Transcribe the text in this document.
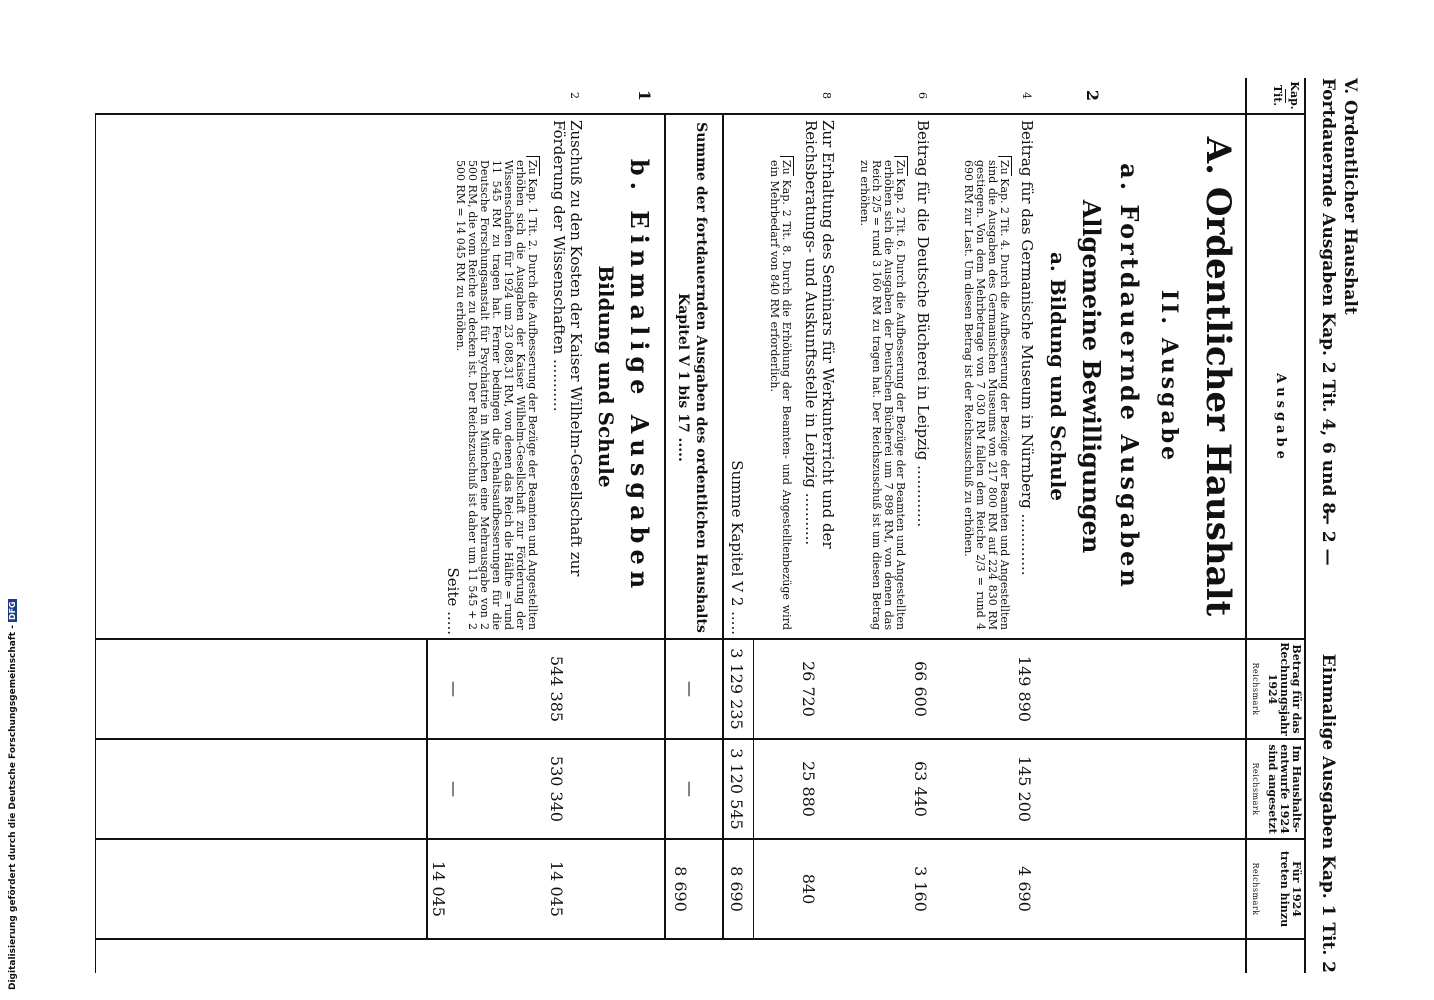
Digitalisierung gefördert durch die Deutsche Forschungsgemeinschaft -DFG
V. Ordentlicher Haushalt
Fortdauernde Ausgaben Kap. 2 Tit. 4, 6 und 8.
— 2 —
Einmalige Ausgaben Kap. 1 Tit. 2
Kap.
Tit.
Ausgabe
Betrag für das Rechnungsjahr 1924
Reichsmark
Im Haushalts-entwurfe 1924 sind angesetzt
Reichsmark
Für 1924 treten hinzu
Reichsmark
A. Ordentlicher Haushalt
II. Ausgabe
a. Fortdauernde Ausgaben
Allgemeine Bewilligungen
2
a. Bildung und Schule
4
Beitrag für das Germanische Museum in Nürnberg .............
149 890
145 200
4 690
Zu Kap. 2 Tit. 4. Durch die Aufbesserung der Bezüge der Beamten und Angestellten sind die Ausgaben des Germanischen Museums von 217 800 RM auf 224 830 RM gestiegen. Von dem Mehrbetrage von 7 030 RM fallen dem Reiche 2/3 = rund 4 690 RM zur Last. Um diesen Betrag ist der Reichszuschuß zu erhöhen.
6
Beitrag für die Deutsche Bücherei in Leipzig .............
66 600
63 440
3 160
Zu Kap. 2 Tit. 6. Durch die Aufbesserung der Bezüge der Beamten und Angestellten erhöhen sich die Ausgaben der Deutschen Bücherei um 7 898 RM, von denen das Reich 2/5 = rund 3 160 RM zu tragen hat. Der Reichszuschuß ist um diesen Betrag zu erhöhen.
8
Zur Erhaltung des Seminars für Werkunterricht und der Reichsberatungs- und Auskunftsstelle in Leipzig ...........
26 720
25 880
840
Zu Kap. 2 Tit. 8. Durch die Erhöhung der Beamten- und Angestelltenbezüge wird ein Mehrbedarf von 840 RM erforderlich.
Summe Kapitel V 2 .....
3 129 235
3 120 545
8 690
Summe der fortdauernden Ausgaben des ordentlichen Haushalts Kapitel V 1 bis 17 .....
—
—
8 690
1
b. Einmalige Ausgaben
Bildung und Schule
2
Zuschuß zu den Kosten der Kaiser Wilhelm-Gesellschaft zur Förderung der Wissenschaften ...........
544 385
530 340
14 045
Zu Kap. 1 Tit. 2. Durch die Aufbesserung der Bezüge der Beamten und Angestellten erhöhen sich die Ausgaben der Kaiser Wilhelm-Gesellschaft zur Förderung der Wissenschaften für 1924 um 23 088,31 RM, von denen das Reich die Hälfte = rund 11 545 RM zu tragen hat. Ferner bedingen die Gehaltsaufbesserungen für die Deutsche Forschungsanstalt für Psychiatrie in München eine Mehrausgabe von 2 500 RM, die vom Reiche zu decken ist. Der Reichszuschuß ist daher um 11 545 + 2 500 RM = 14 045 RM zu erhöhen.
Seite .....
—
—
14 045
